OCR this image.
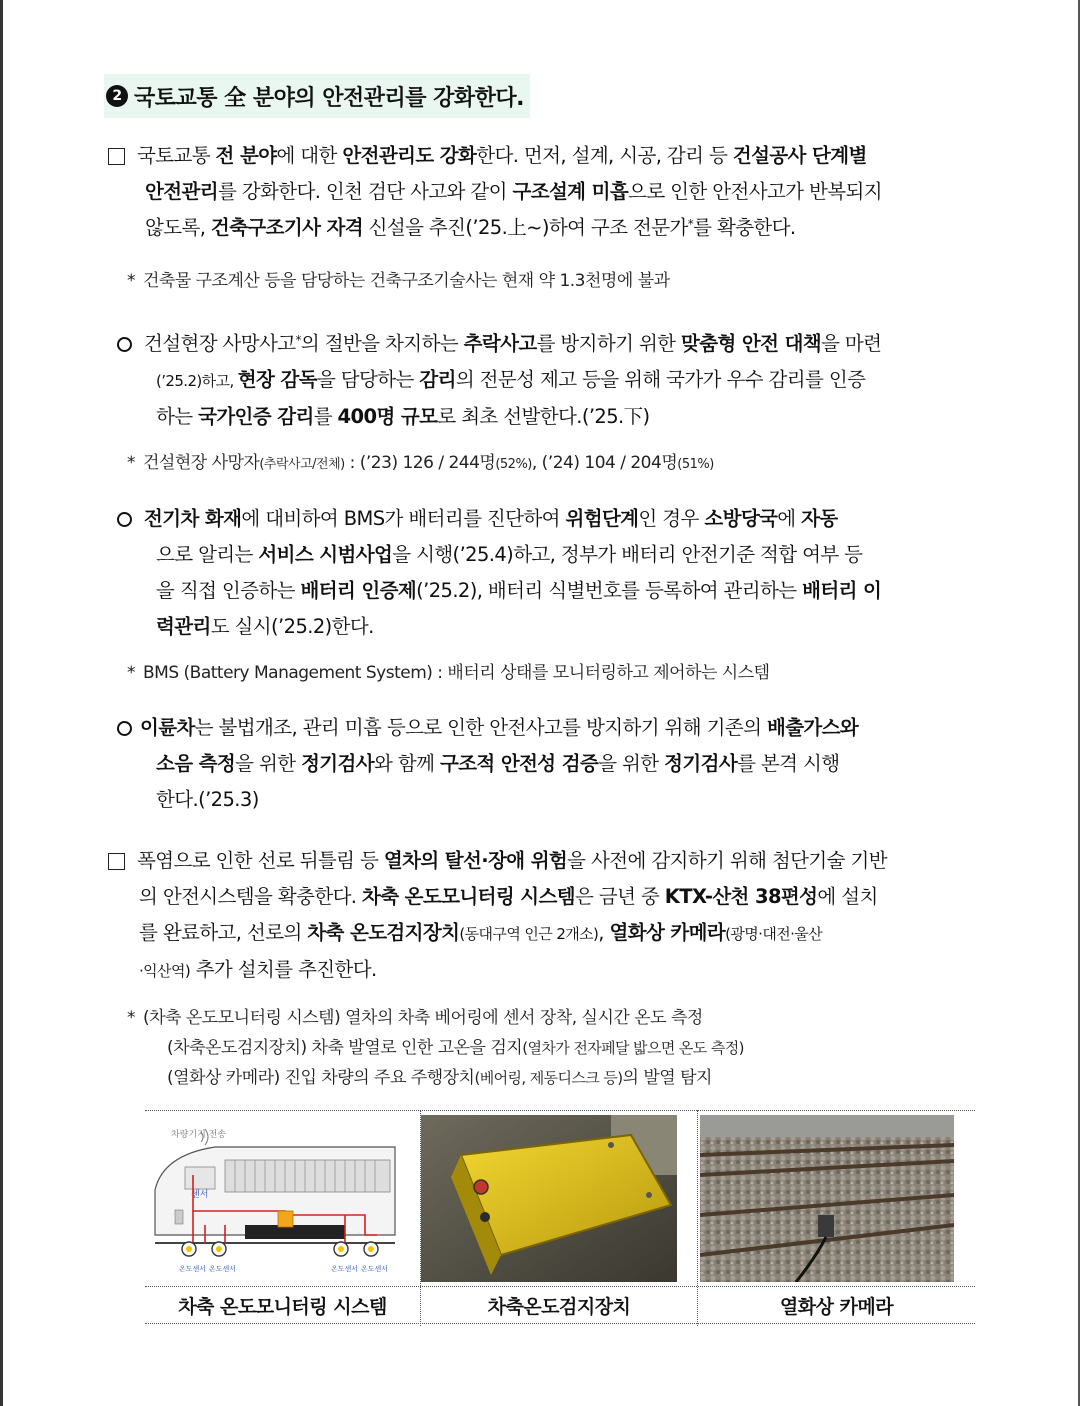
2 국토교통 全 분야의 안전관리를 강화한다.
국토교통 전 분야에 대한 안전관리도 강화한다. 먼저, 설계, 시공, 감리 등 건설공사 단계별
안전관리를 강화한다. 인천 검단 사고와 같이 구조설계 미흡으로 인한 안전사고가 반복되지
않도록, 건축구조기사 자격 신설을 추진(’25.上~)하여 구조 전문가*를 확충한다.
* 건축물 구조계산 등을 담당하는 건축구조기술사는 현재 약 1.3천명에 불과
건설현장 사망사고*의 절반을 차지하는 추락사고를 방지하기 위한 맞춤형 안전 대책을 마련
(’25.2)하고, 현장 감독을 담당하는 감리의 전문성 제고 등을 위해 국가가 우수 감리를 인증
하는 국가인증 감리를 400명 규모로 최초 선발한다.(’25.下)
* 건설현장 사망자(추락사고/전체) : (’23) 126 / 244명(52%), (’24) 104 / 204명(51%)
전기차 화재에 대비하여 BMS가 배터리를 진단하여 위험단계인 경우 소방당국에 자동
으로 알리는 서비스 시범사업을 시행(’25.4)하고, 정부가 배터리 안전기준 적합 여부 등
을 직접 인증하는 배터리 인증제(’25.2), 배터리 식별번호를 등록하여 관리하는 배터리 이
력관리도 실시(’25.2)한다.
* BMS (Battery Management System) : 배터리 상태를 모니터링하고 제어하는 시스템
이륜차는 불법개조, 관리 미흡 등으로 인한 안전사고를 방지하기 위해 기존의 배출가스와
소음 측정을 위한 정기검사와 함께 구조적 안전성 검증을 위한 정기검사를 본격 시행
한다.(’25.3)
폭염으로 인한 선로 뒤틀림 등 열차의 탈선·장애 위험을 사전에 감지하기 위해 첨단기술 기반
의 안전시스템을 확충한다. 차축 온도모니터링 시스템은 금년 중 KTX-산천 38편성에 설치
를 완료하고, 선로의 차축 온도검지장치(동대구역 인근 2개소), 열화상 카메라(광명·대전·울산
·익산역) 추가 설치를 추진한다.
* (차축 온도모니터링 시스템) 열차의 차축 베어링에 센서 장착, 실시간 온도 측정
(차축온도검지장치) 차축 발열로 인한 고온을 검지(열차가 전자페달 밟으면 온도 측정)
(열화상 카메라) 진입 차량의 주요 주행장치(베어링, 제동디스크 등)의 발열 탐지
차량기지 전송
센서
온도센서 온도센서	온도센서 온도센서
차축 온도모니터링 시스템	차축온도검지장치	열화상 카메라
